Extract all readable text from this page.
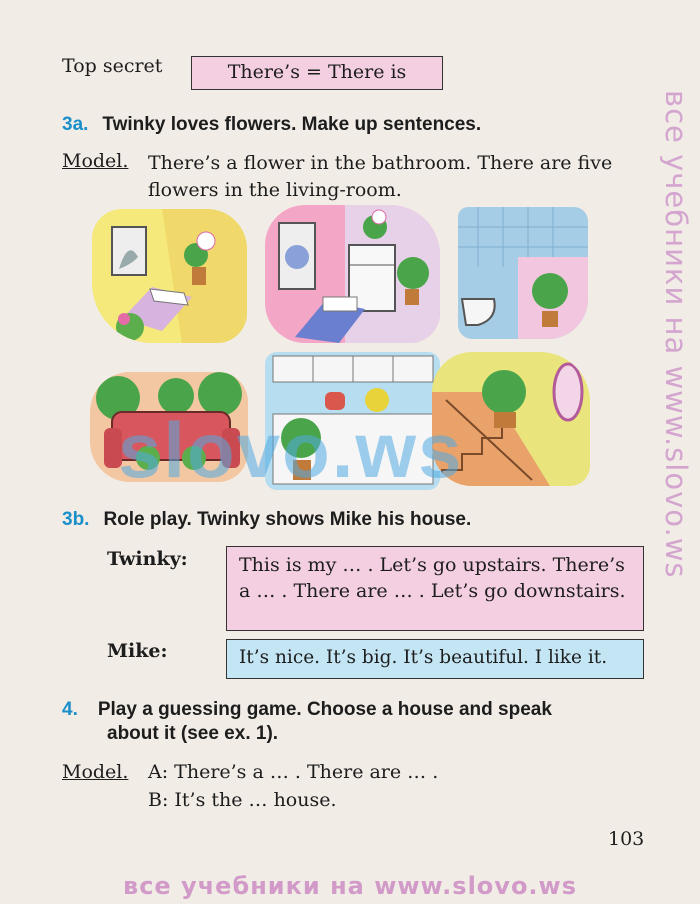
Top secret	There’s = There is
3a. Twinky loves flowers. Make up sentences.
Model. There’s a flower in the bathroom. There are five flowers in the living-room.
slovo.ws
3b. Role play. Twinky shows Mike his house.
Twinky:	This is my … . Let’s go upstairs. There’s a … . There are … . Let’s go downstairs.
Mike:	It’s nice. It’s big. It’s beautiful. I like it.
4. Play a guessing game. Choose a house and speak
about it (see ex. 1).
Model. A: There’s a … . There are … .
B: It’s the … house.
103
все учебники на www.slovo.ws
все учебники на www.slovo.ws
